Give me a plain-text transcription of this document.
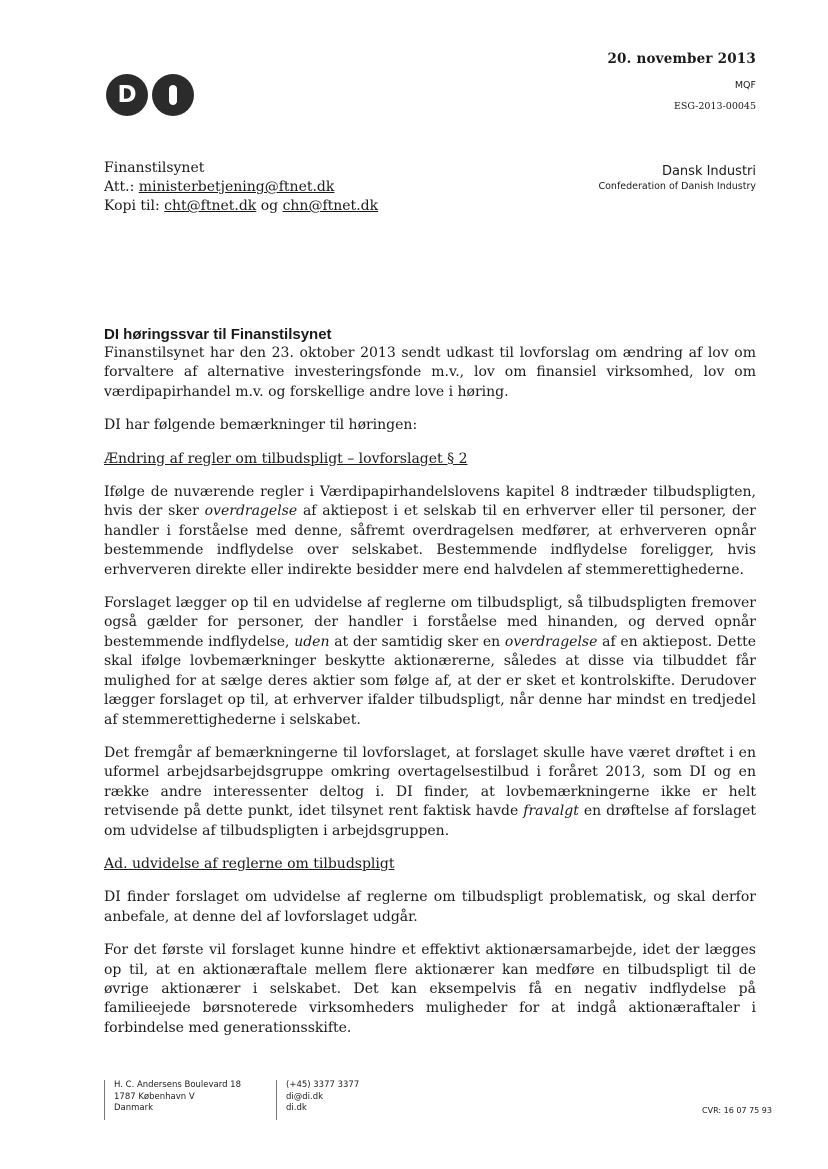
20. november 2013
MQF
ESG-2013-00045
D
Finanstilsynet
Att.: ministerbetjening@ftnet.dk
Kopi til: cht@ftnet.dk og chn@ftnet.dk
Dansk Industri
Confederation of Danish Industry
DI høringssvar til Finanstilsynet

Finanstilsynet har den 23. oktober 2013 sendt udkast til lovforslag om ændring af lov om forvaltere af alternative investeringsfonde m.v., lov om finansiel virksomhed, lov om værdipapirhandel m.v. og forskellige andre love i høring.

DI har følgende bemærkninger til høringen:

Ændring af regler om tilbudspligt – lovforslaget § 2

Ifølge de nuværende regler i Værdipapirhandelslovens kapitel 8 indtræder tilbudspligten, hvis der sker overdragelse af aktiepost i et selskab til en erhverver eller til personer, der handler i forståelse med denne, såfremt overdragelsen medfører, at erhververen opnår bestemmende indflydelse over selskabet. Bestemmende indflydelse foreligger, hvis erhververen direkte eller indirekte besidder mere end halvdelen af stemmerettighederne.

Forslaget lægger op til en udvidelse af reglerne om tilbudspligt, så tilbudspligten fremover også gælder for personer, der handler i forståelse med hinanden, og derved opnår bestemmende indflydelse, uden at der samtidig sker en overdragelse af en aktiepost. Dette skal ifølge lovbemærkninger beskytte aktionærerne, således at disse via tilbuddet får mulighed for at sælge deres aktier som følge af, at der er sket et kontrolskifte. Derudover lægger forslaget op til, at erhverver ifalder tilbudspligt, når denne har mindst en tredjedel af stemmerettighederne i selskabet.

Det fremgår af bemærkningerne til lovforslaget, at forslaget skulle have været drøftet i en uformel arbejdsarbejdsgruppe omkring overtagelsestilbud i foråret 2013, som DI og en række andre interessenter deltog i. DI finder, at lovbemærkningerne ikke er helt retvisende på dette punkt, idet tilsynet rent faktisk havde fravalgt en drøftelse af forslaget om udvidelse af tilbudspligten i arbejdsgruppen.

Ad. udvidelse af reglerne om tilbudspligt

DI finder forslaget om udvidelse af reglerne om tilbudspligt problematisk, og skal derfor anbefale, at denne del af lovforslaget udgår.

For det første vil forslaget kunne hindre et effektivt aktionærsamarbejde, idet der lægges op til, at en aktionæraftale mellem flere aktionærer kan medføre en tilbudspligt til de øvrige aktionærer i selskabet. Det kan eksempelvis få en negativ indflydelse på familieejede børsnoterede virksomheders muligheder for at indgå aktionæraftaler i forbindelse med generationsskifte.

H. C. Andersens Boulevard 18
1787 København V
Danmark
(+45) 3377 3377
di@di.dk
di.dk	CVR: 16 07 75 93
